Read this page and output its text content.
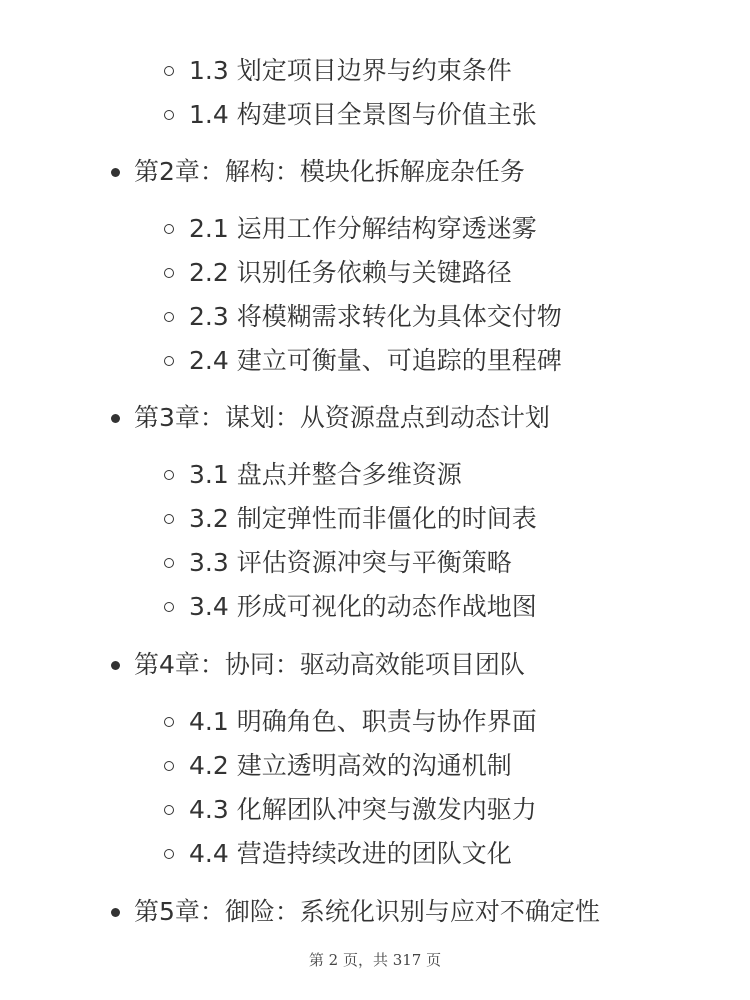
1.3 划定项目边界与约束条件
1.4 构建项目全景图与价值主张
第2章：解构：模块化拆解庞杂任务
2.1 运用工作分解结构穿透迷雾
2.2 识别任务依赖与关键路径
2.3 将模糊需求转化为具体交付物
2.4 建立可衡量、可追踪的里程碑
第3章：谋划：从资源盘点到动态计划
3.1 盘点并整合多维资源
3.2 制定弹性而非僵化的时间表
3.3 评估资源冲突与平衡策略
3.4 形成可视化的动态作战地图
第4章：协同：驱动高效能项目团队
4.1 明确角色、职责与协作界面
4.2 建立透明高效的沟通机制
4.3 化解团队冲突与激发内驱力
4.4 营造持续改进的团队文化
第5章：御险：系统化识别与应对不确定性
第 2 页，共 317 页
